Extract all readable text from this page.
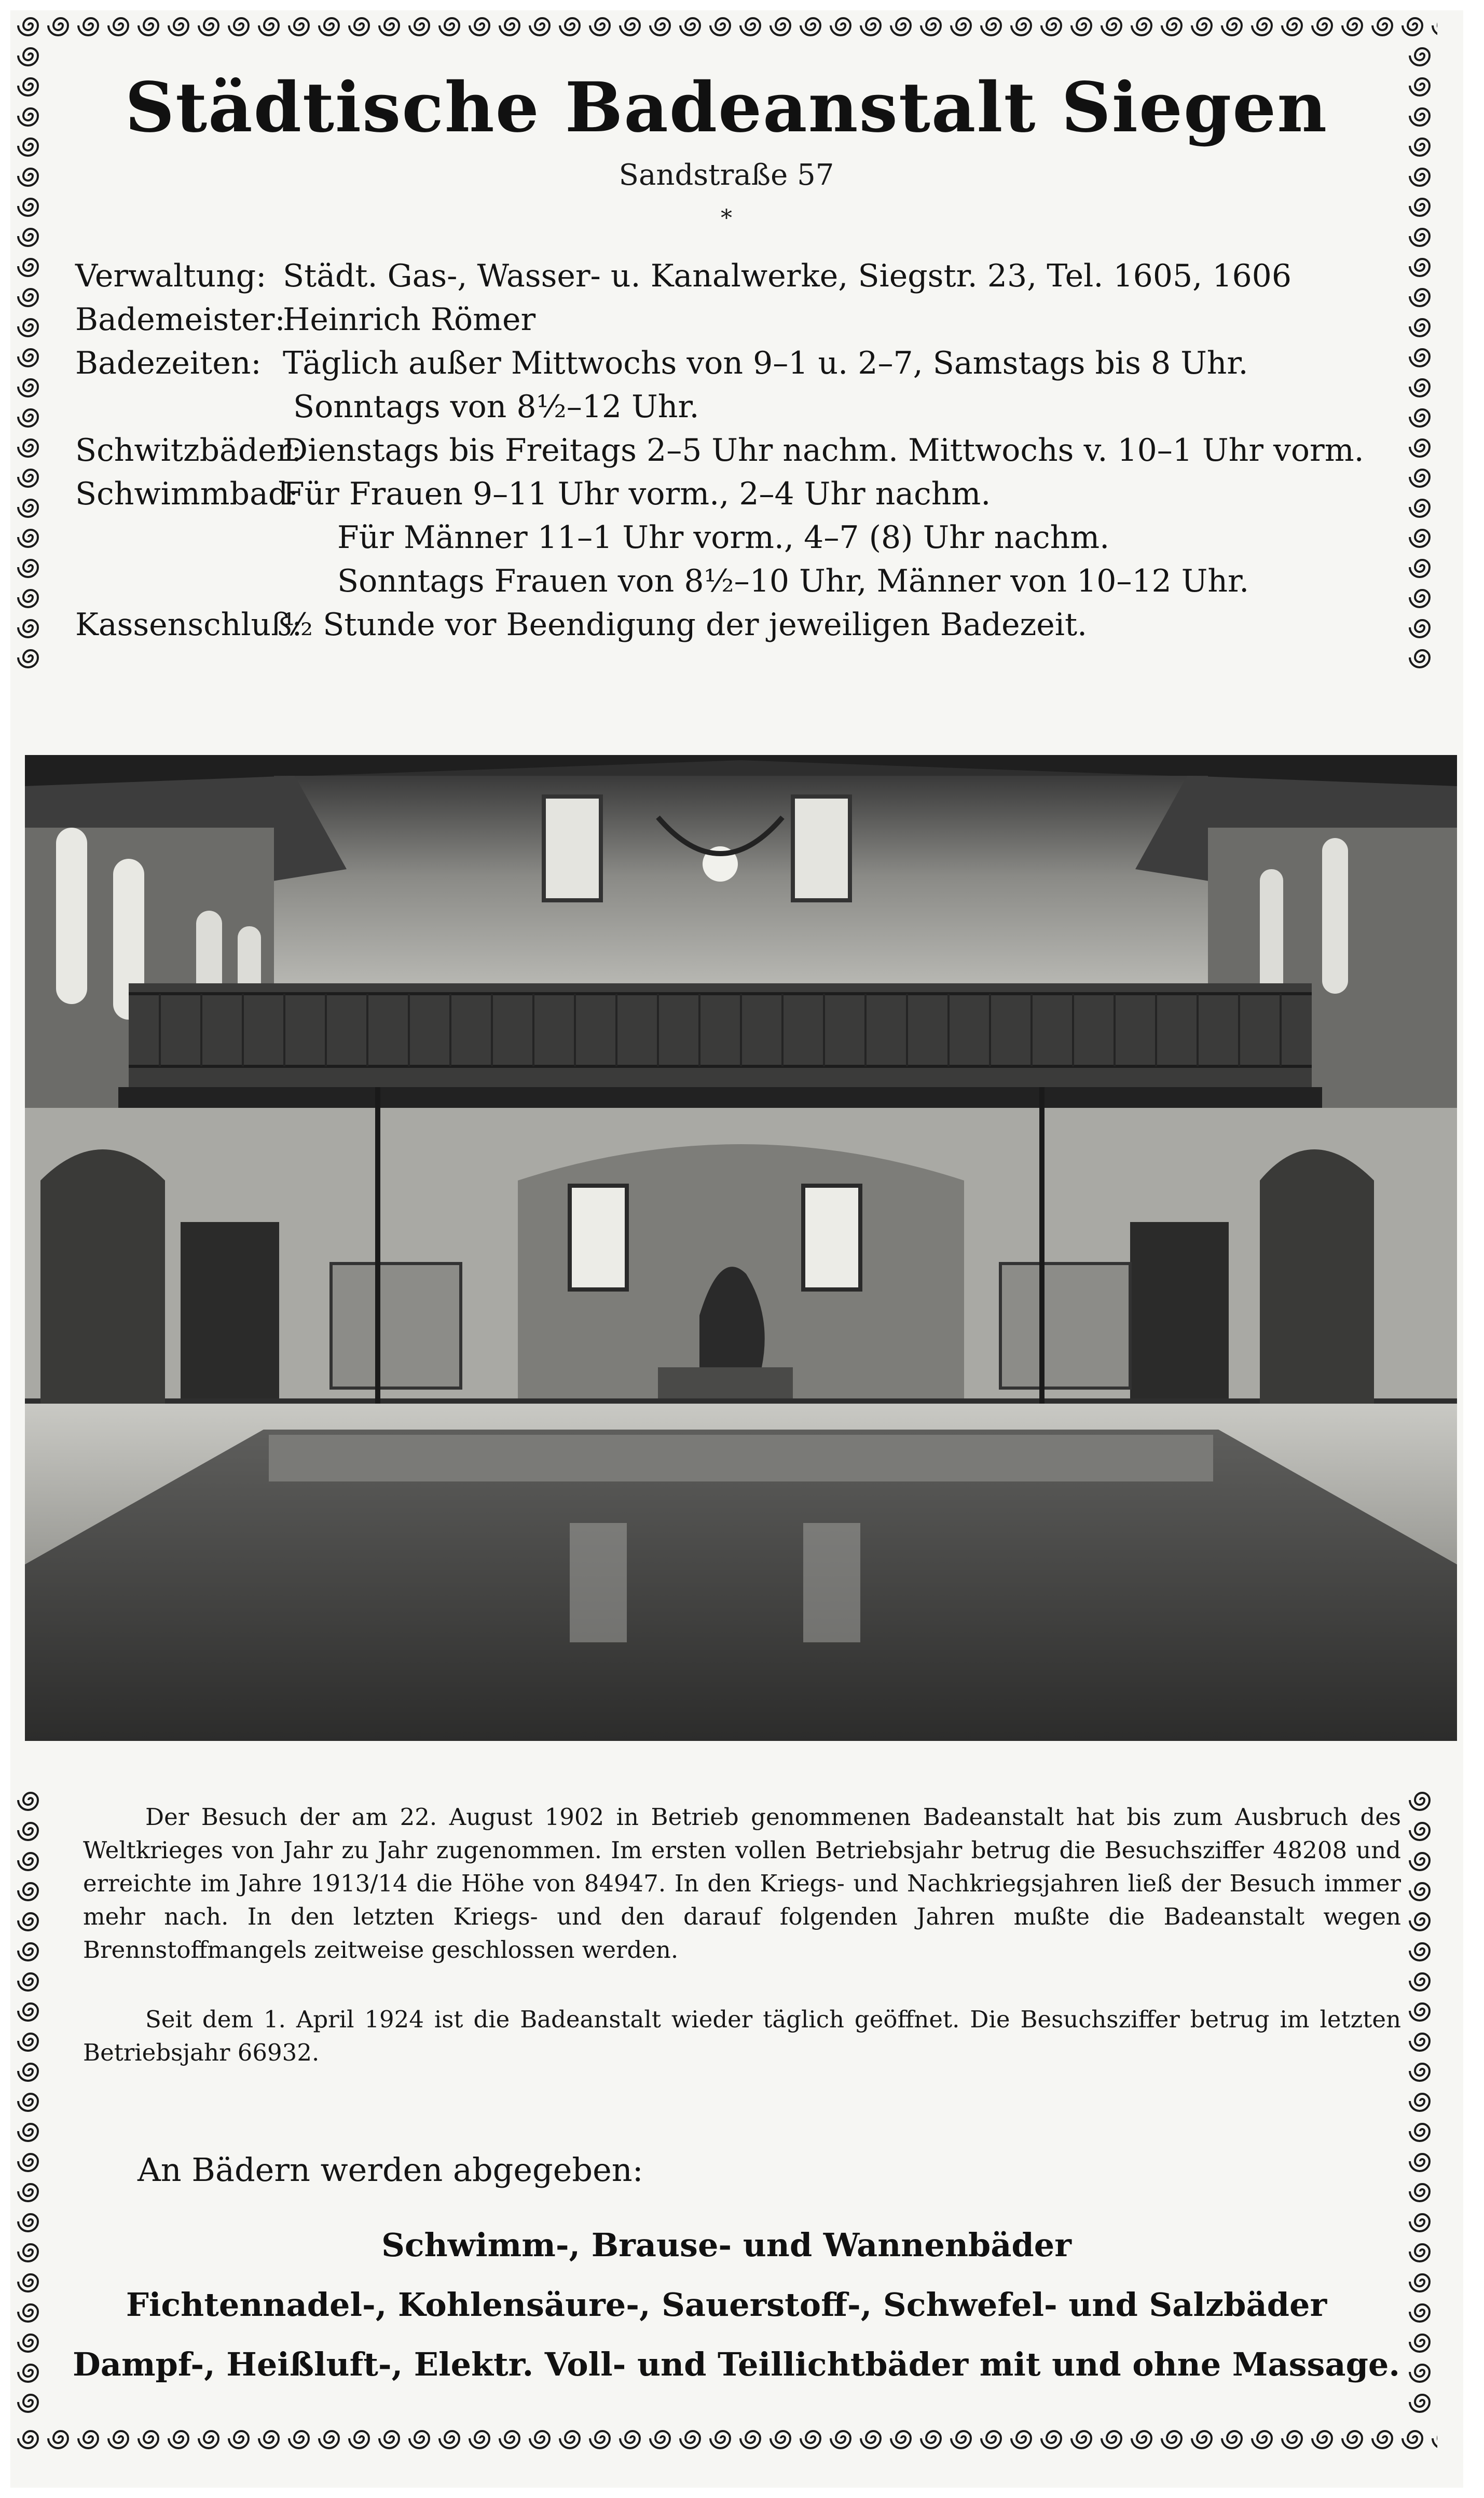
Städtische Badeanstalt Siegen
Sandstraße 57
*
Verwaltung: Städt. Gas-, Wasser- u. Kanalwerke, Siegstr. 23, Tel. 1605, 1606
Bademeister:
Heinrich Römer
Badezeiten: Täglich außer Mittwochs von 9–1 u. 2–7, Samstags bis 8 Uhr.
Sonntags von 8½–12 Uhr.
Schwitzbäder:
Dienstags bis Freitags 2–5 Uhr nachm. Mittwochs v. 10–1 Uhr vorm.
Schwimmbad:
Für Frauen 9–11 Uhr vorm., 2–4 Uhr nachm.
Für Männer 11–1 Uhr vorm., 4–7 (8) Uhr nachm.
Sonntags Frauen von 8½–10 Uhr, Männer von 10–12 Uhr.
Kassenschluß:
½ Stunde vor Beendigung der jeweiligen Badezeit.
Der Besuch der am 22. August 1902 in Betrieb genommenen Badeanstalt hat bis zum Ausbruch des Weltkrieges von Jahr zu Jahr zugenommen. Im ersten vollen Betriebsjahr betrug die Besuchsziffer 48208 und erreichte im Jahre 1913/14 die Höhe von 84947. In den Kriegs- und Nachkriegsjahren ließ der Besuch immer mehr nach. In den letzten Kriegs- und den darauf folgenden Jahren mußte die Badeanstalt wegen Brennstoffmangels zeitweise geschlossen werden.
Seit dem 1. April 1924 ist die Badeanstalt wieder täglich geöffnet. Die Besuchsziffer betrug im letzten Betriebsjahr 66932.
An Bädern werden abgegeben:
Schwimm-, Brause- und Wannenbäder
Fichtennadel-, Kohlensäure-, Sauerstoff-, Schwefel- und Salzbäder
Dampf-, Heißluft-, Elektr. Voll- und Teillichtbäder mit und ohne Massage.
